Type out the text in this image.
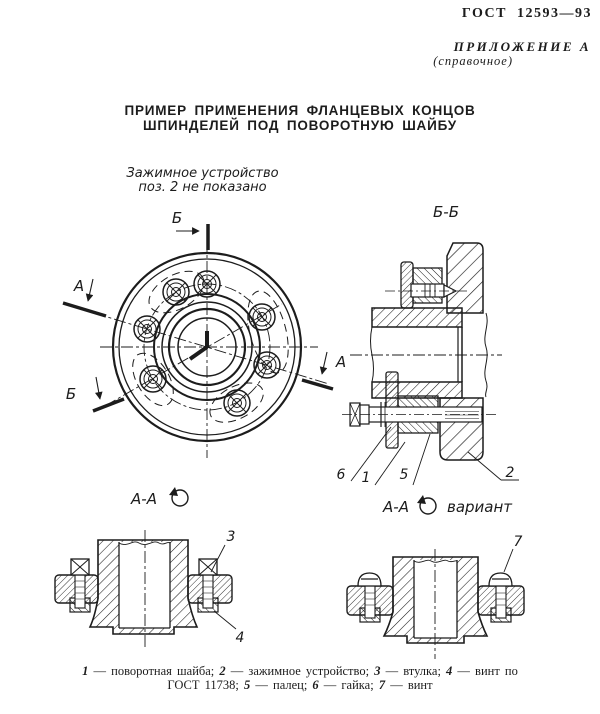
Б
А
Б
А
Б-Б
6 1 5	2
А-А
3
4
А-А	вариант
7
ГОСТ 12593—93
ПРИЛОЖЕНИЕ А
(справочное)
ПРИМЕР ПРИМЕНЕНИЯ ФЛАНЦЕВЫХ КОНЦОВ
ШПИНДЕЛЕЙ ПОД ПОВОРОТНУЮ ШАЙБУ
Зажимное устройство
поз. 2 не показано
1 — поворотная шайба; 2 — зажимное устройство; 3 — втулка; 4 — винт по
ГОСТ 11738; 5 — палец; 6 — гайка; 7 — винт
